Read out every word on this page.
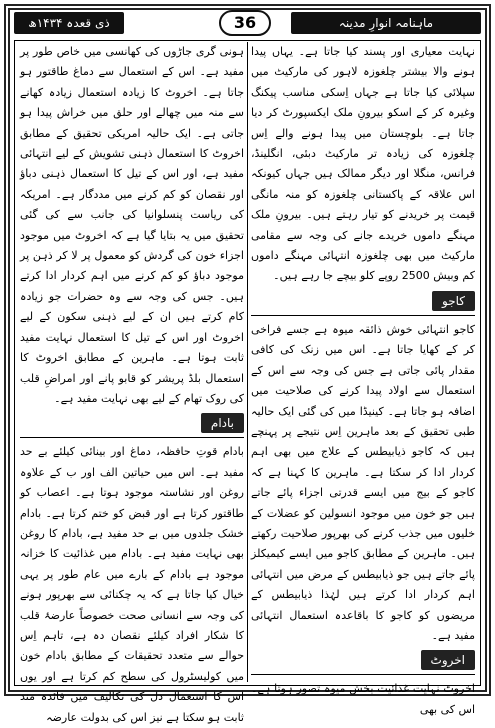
ذی قعدہ ۱۴۳۴ھ	36	ماہنامہ انوارِ مدینہ

نہایت معیاری اور پسند کیا جاتا ہے۔ یہاں پیدا ہونے والا بیشتر چلغوزہ لاہور کی مارکیٹ میں سپلائی کیا جاتا ہے جہاں اِسکی مناسب پیکنگ وغیرہ کر کے اسکو بیرونِ ملک ایکسپورٹ کر دیا جاتا ہے۔ بلوچستان میں پیدا ہونے والے اِس چلغوزہ کی زیادہ تر مارکیٹ دبئی، انگلینڈ، فرانس، منگلا اور دیگر ممالک ہیں جہاں کیونکہ اس علاقہ کے پاکستانی چلغوزہ کو منہ مانگی قیمت پر خریدنے کو تیار رہتے ہیں۔ بیرونِ ملک مہنگے داموں خریدے جانے کی وجہ سے مقامی مارکیٹ میں بھی چلغوزہ انتہائی مہنگے داموں کم وبیش 2500 روپے کلو بیچے جا رہے ہیں۔

کاجو

کاجو انتہائی خوش ذائقہ میوہ ہے جسے فراخی کر کے کھایا جاتا ہے۔ اس میں زنک کی کافی مقدار پائی جاتی ہے جس کی وجہ سے اس کے استعمال سے اولاد پیدا کرنے کی صلاحیت میں اضافہ ہو جاتا ہے۔ کینیڈا میں کی گئی ایک حالیہ طبی تحقیق کے بعد ماہرین اِس نتیجے پر پہنچے ہیں کہ کاجو ذیابیطس کے علاج میں بھی اہم کردار ادا کر سکتا ہے۔ ماہرین کا کہنا ہے کہ کاجو کے بیج میں ایسے قدرتی اجزاء پائے جاتے ہیں جو خون میں موجود انسولین کو عضلات کے خلیوں میں جذب کرنے کی بھرپور صلاحیت رکھتے ہیں۔ ماہرین کے مطابق کاجو میں ایسے کیمیکلز پائے جاتے ہیں جو ذیابیطس کے مرض میں انتہائی اہم کردار ادا کرتے ہیں لہٰذا ذیابیطس کے مریضوں کو کاجو کا باقاعدہ استعمال انتہائی مفید ہے۔

اخروٹ

اخروٹ نہایت غذائیت بخش میوہ تصور ہوتا ہے۔ اس کی بھی

ہونی گری جاڑوں کی کھانسی میں خاص طور پر مفید ہے۔ اس کے استعمال سے دماغ طاقتور ہو جاتا ہے۔ اخروٹ کا زیادہ استعمال زیادہ کھانے سے منہ میں چھالے اور حلق میں خراش پیدا ہو جاتی ہے۔ ایک حالیہ امریکی تحقیق کے مطابق اخروٹ کا استعمال ذہنی تشویش کے لیے انتہائی مفید ہے، اور اس کے تیل کا استعمال ذہنی دباؤ اور نقصان کو کم کرنے میں مددگار ہے۔ امریکہ کی ریاست پنسلوانیا کی جانب سے کی گئی تحقیق میں یہ بتایا گیا ہے کہ اخروٹ میں موجود اجزاء خون کی گردش کو معمول پر لا کر ذہن پر موجود دباؤ کو کم کرنے میں اہم کردار ادا کرتے ہیں۔ جس کی وجہ سے وہ حضرات جو زیادہ کام کرتے ہیں ان کے لیے ذہنی سکون کے لیے اخروٹ اور اس کے تیل کا استعمال نہایت مفید ثابت ہوتا ہے۔ ماہرین کے مطابق اخروٹ کا استعمال بلڈ پریشر کو قابو پانے اور امراضِ قلب کی روک تھام کے لیے بھی نہایت مفید ہے۔

بادام

بادام قوتِ حافظہ، دماغ اور بینائی کیلئے بے حد مفید ہے۔ اس میں حیاتین الف اور ب کے علاوہ روغن اور نشاستہ موجود ہوتا ہے۔ اعصاب کو طاقتور کرتا ہے اور قبض کو ختم کرتا ہے۔ بادام خشک جلدوں میں بے حد مفید ہے، بادام کا روغن بھی نہایت مفید ہے۔ بادام میں غذائیت کا خزانہ موجود ہے بادام کے بارے میں عام طور پر یہی خیال کیا جاتا ہے کہ یہ چکنائی سے بھرپور ہونے کی وجہ سے انسانی صحت خصوصاً عارضۂ قلب کا شکار افراد کیلئے نقصان دہ ہے، تاہم اِس حوالے سے متعدد تحقیقات کے مطابق بادام خون میں کولیسٹرول کی سطح کم کرتا ہے اور یوں اس کا استعمال دل کی تکالیف میں فائدہ مند ثابت ہو سکتا ہے نیز اس کی بدولت عارضہ
